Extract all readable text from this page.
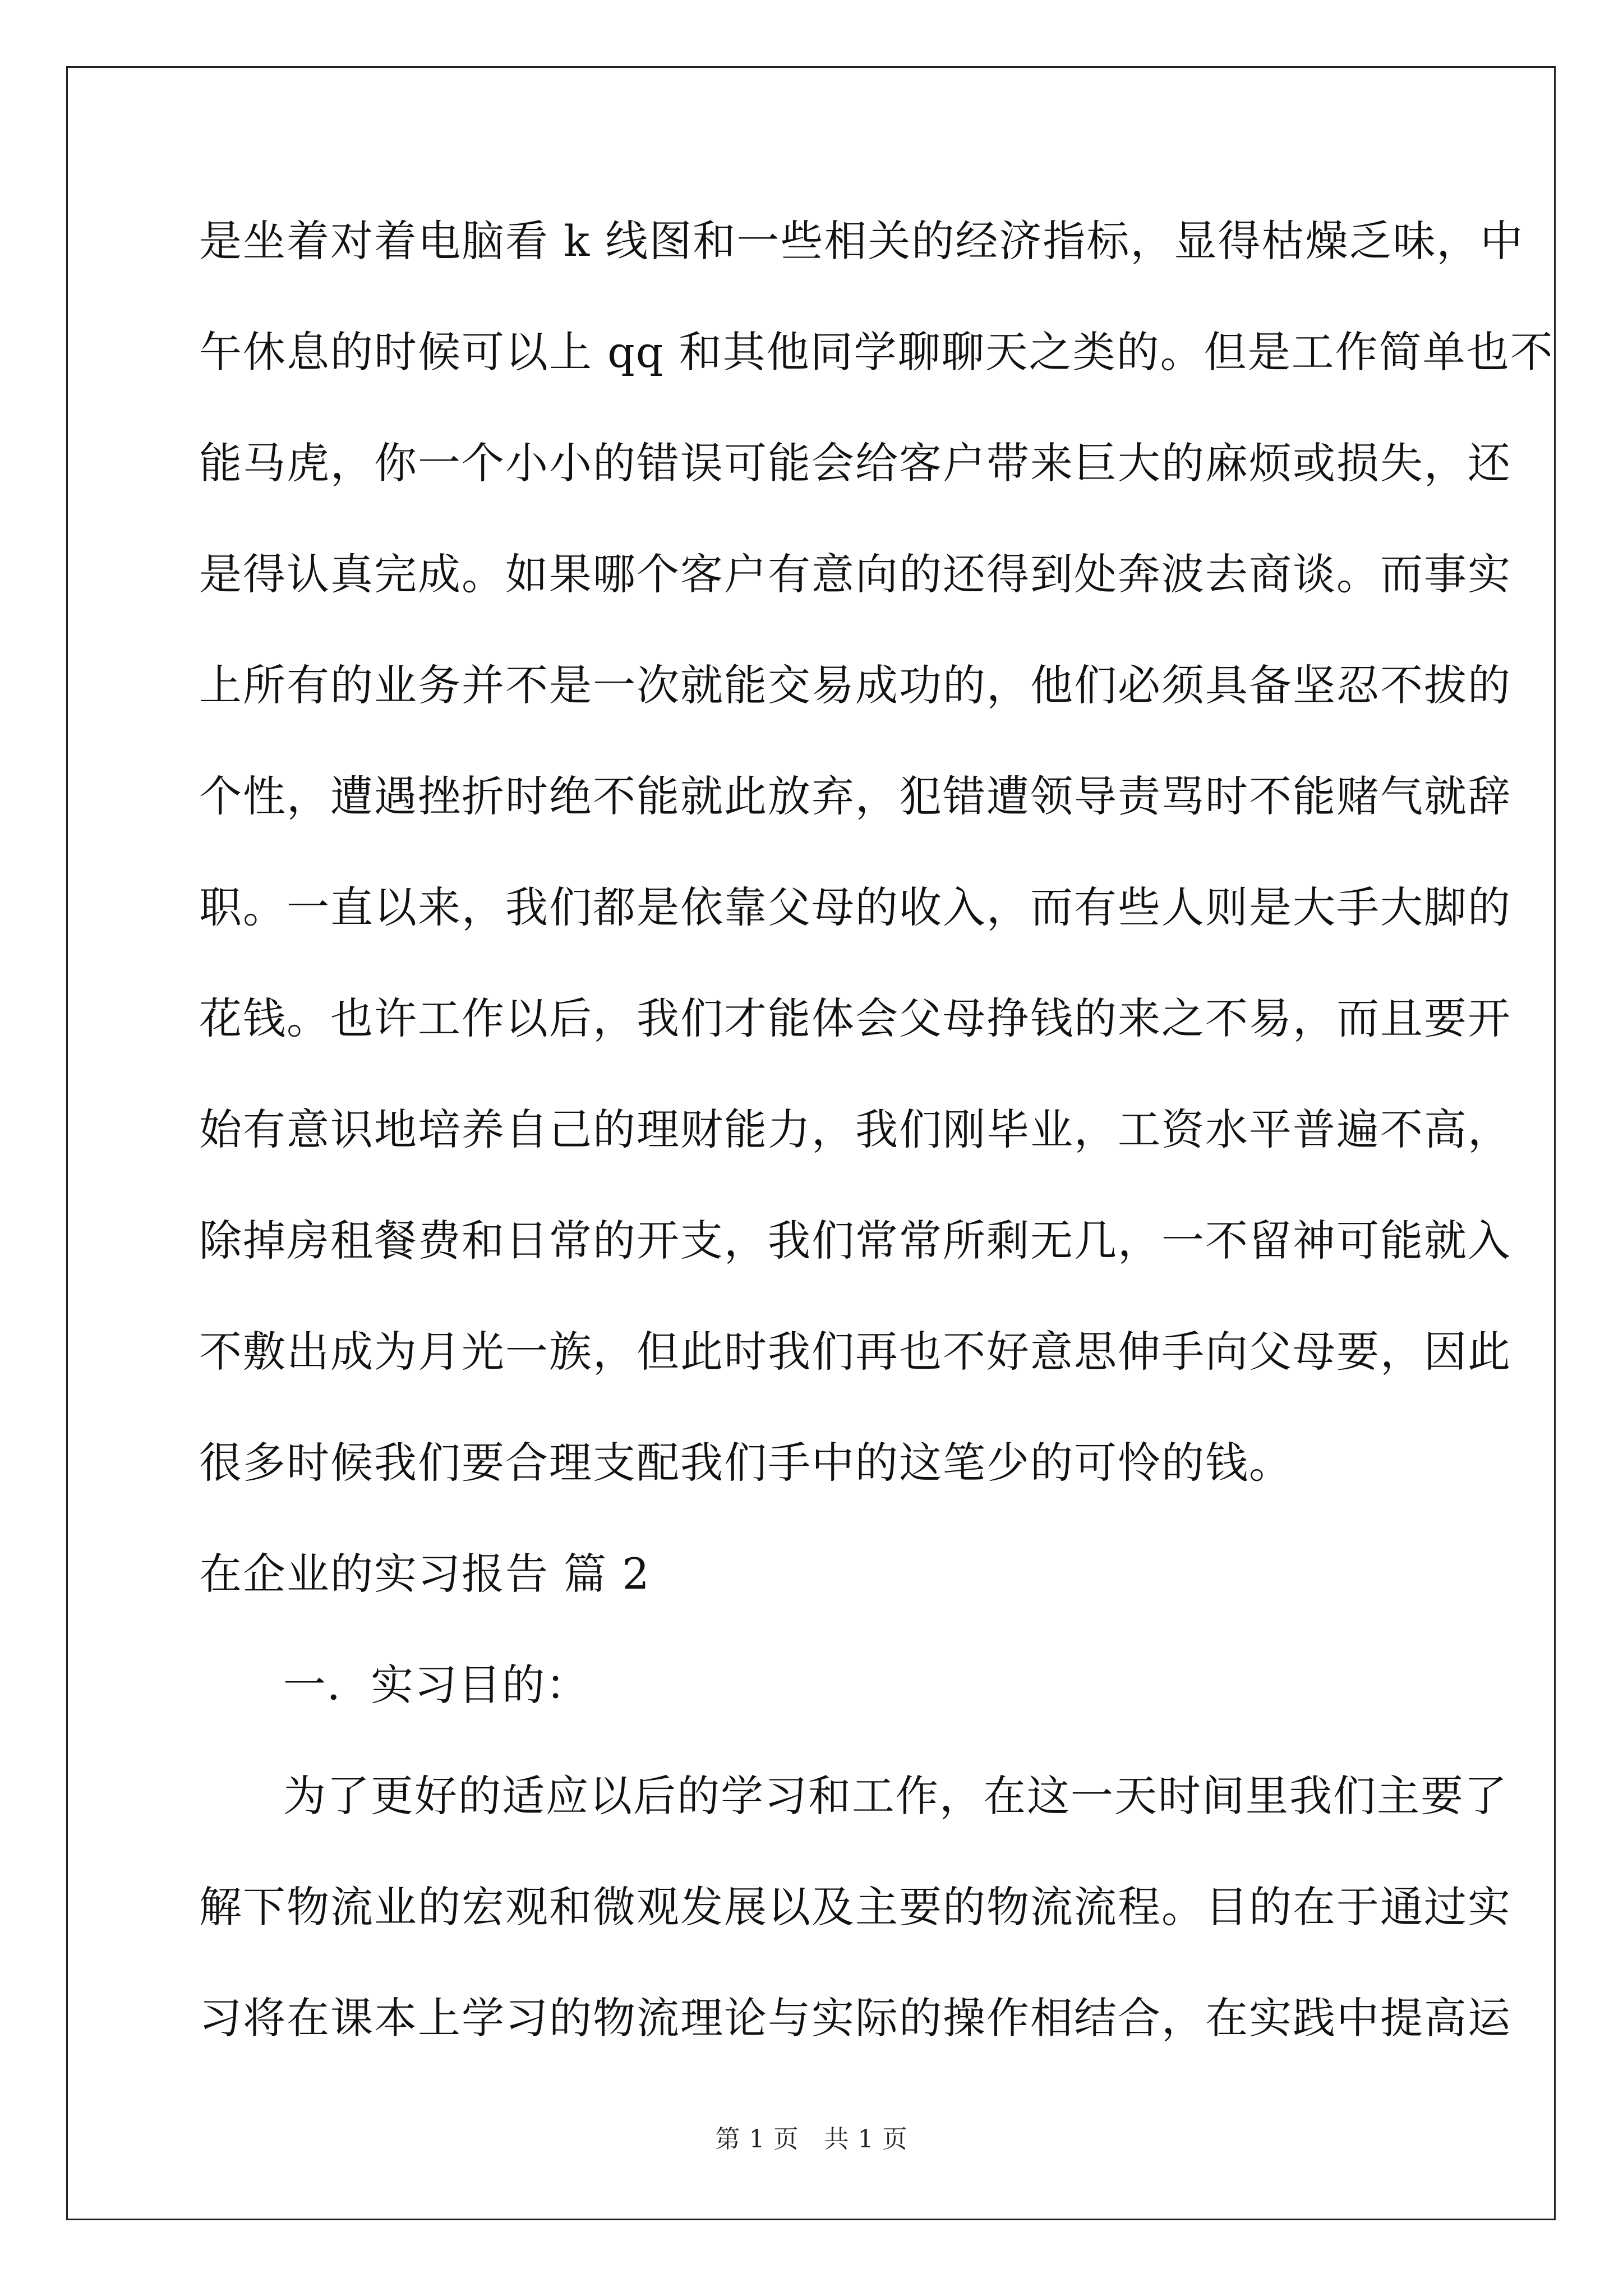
是坐着对着电脑看 k 线图和一些相关的经济指标，显得枯燥乏味，中
午休息的时候可以上 qq 和其他同学聊聊天之类的。但是工作简单也不
能马虎，你一个小小的错误可能会给客户带来巨大的麻烦或损失，还
是得认真完成。如果哪个客户有意向的还得到处奔波去商谈。而事实
上所有的业务并不是一次就能交易成功的，他们必须具备坚忍不拔的
个性，遭遇挫折时绝不能就此放弃，犯错遭领导责骂时不能赌气就辞
职。一直以来，我们都是依靠父母的收入，而有些人则是大手大脚的
花钱。也许工作以后，我们才能体会父母挣钱的来之不易，而且要开
始有意识地培养自己的理财能力，我们刚毕业，工资水平普遍不高，
除掉房租餐费和日常的开支，我们常常所剩无几，一不留神可能就入
不敷出成为月光一族，但此时我们再也不好意思伸手向父母要，因此
很多时候我们要合理支配我们手中的这笔少的可怜的钱。
在企业的实习报告 篇 2
一．实习目的：
为了更好的适应以后的学习和工作，在这一天时间里我们主要了
解下物流业的宏观和微观发展以及主要的物流流程。目的在于通过实
习将在课本上学习的物流理论与实际的操作相结合，在实践中提高运
第 1 页　共 1 页
